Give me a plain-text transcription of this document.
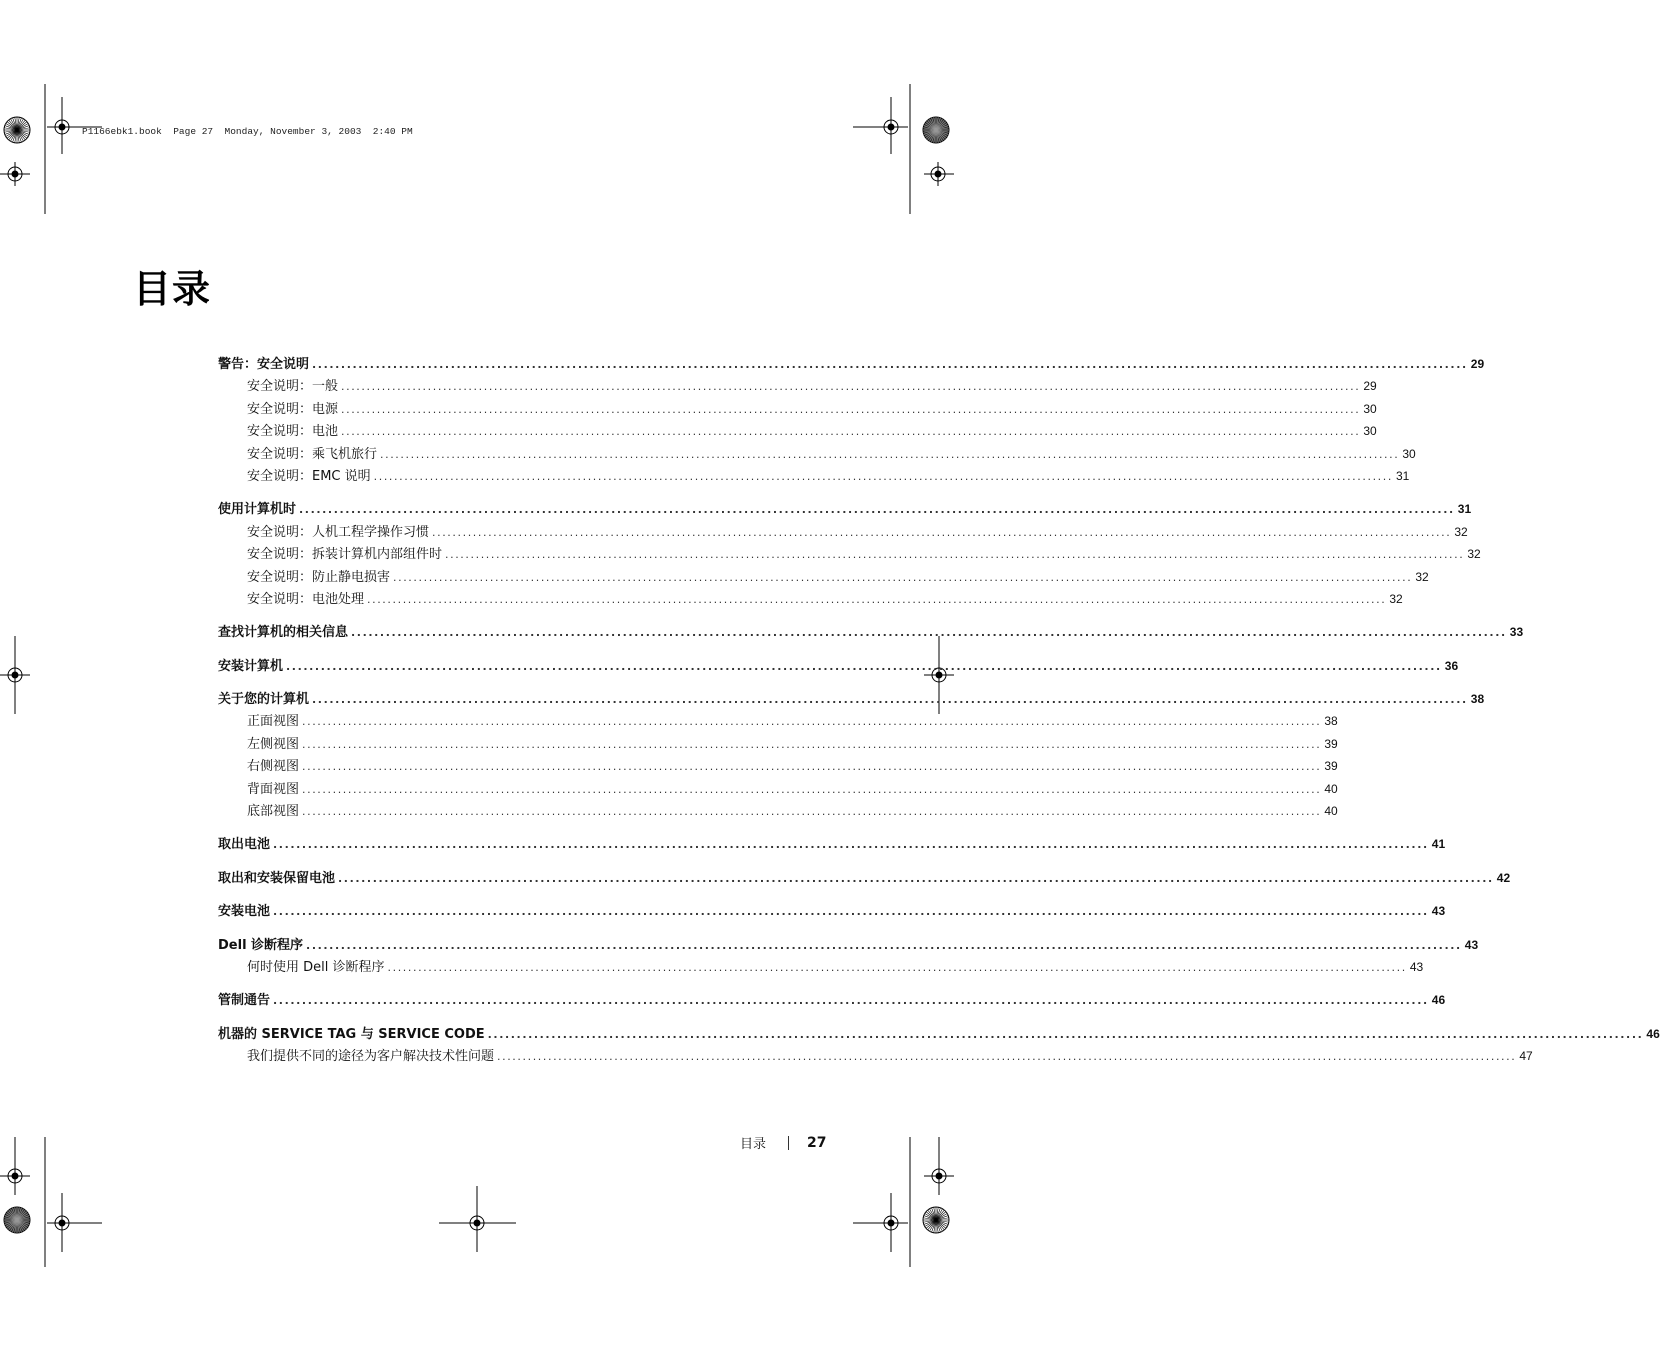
P1166ebk1.book  Page 27  Monday, November 3, 2003  2:40 PM
目录
警告：安全说明 ........................................................................................................................................................................................................ 29
安全说明：一般 ........................................................................................................................................................................................................ 29
安全说明：电源 ........................................................................................................................................................................................................ 30
安全说明：电池 ........................................................................................................................................................................................................ 30
安全说明：乘飞机旅行 ........................................................................................................................................................................................................ 30
安全说明：EMC 说明 ........................................................................................................................................................................................................ 31
使用计算机时 ........................................................................................................................................................................................................ 31
安全说明：人机工程学操作习惯 ........................................................................................................................................................................................................ 32
安全说明：拆装计算机内部组件时 ........................................................................................................................................................................................................ 32
安全说明：防止静电损害 ........................................................................................................................................................................................................ 32
安全说明：电池处理 ........................................................................................................................................................................................................ 32
查找计算机的相关信息 ........................................................................................................................................................................................................ 33
安装计算机 ........................................................................................................................................................................................................ 36
关于您的计算机 ........................................................................................................................................................................................................ 38
正面视图 ........................................................................................................................................................................................................ 38
左侧视图 ........................................................................................................................................................................................................ 39
右侧视图 ........................................................................................................................................................................................................ 39
背面视图 ........................................................................................................................................................................................................ 40
底部视图 ........................................................................................................................................................................................................ 40
取出电池 ........................................................................................................................................................................................................ 41
取出和安装保留电池 ........................................................................................................................................................................................................ 42
安装电池 ........................................................................................................................................................................................................ 43
Dell 诊断程序 ........................................................................................................................................................................................................ 43
何时使用 Dell 诊断程序 ........................................................................................................................................................................................................ 43
管制通告 ........................................................................................................................................................................................................ 46
机器的 SERVICE TAG 与 SERVICE CODE ........................................................................................................................................................................................................ 46
我们提供不同的途径为客户解决技术性问题 ........................................................................................................................................................................................................ 47
目录	27
